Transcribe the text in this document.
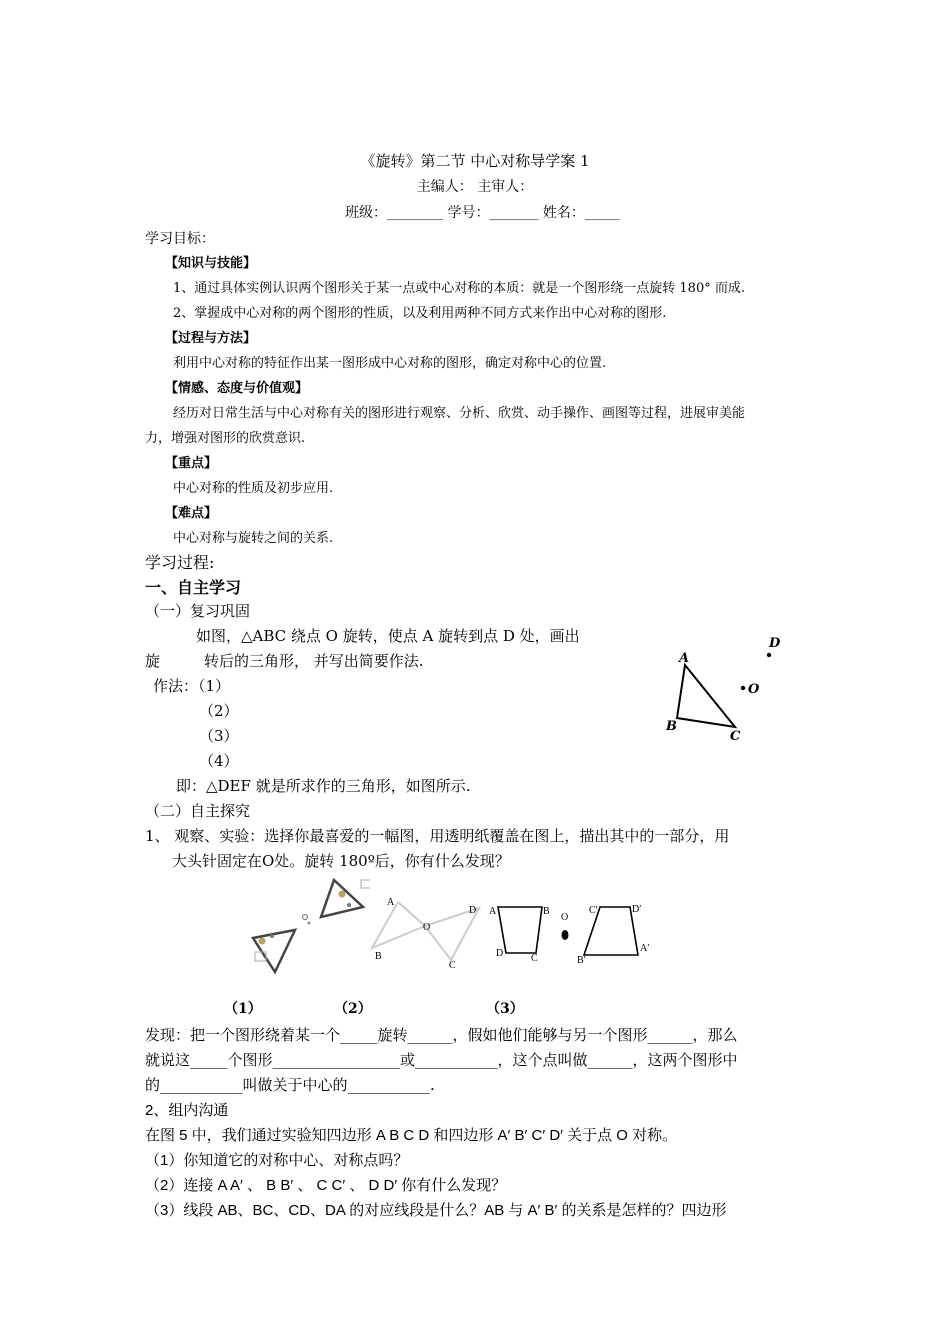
《旋转》第二节 中心对称导学案 1
主编人： 主审人：
班级：________ 学号：_______ 姓名：_____
学习目标：
【知识与技能】
1、通过具体实例认识两个图形关于某一点或中心对称的本质：就是一个图形绕一点旋转 180° 而成.
2、掌握成中心对称的两个图形的性质，以及利用两种不同方式来作出中心对称的图形.
【过程与方法】
利用中心对称的特征作出某一图形成中心对称的图形，确定对称中心的位置.
【情感、态度与价值观】
经历对日常生活与中心对称有关的图形进行观察、分析、欣赏、动手操作、画图等过程，进展审美能
力，增强对图形的欣赏意识.
【重点】
中心对称的性质及初步应用.
【难点】
中心对称与旋转之间的关系.
学习过程:
一、自主学习
（一）复习巩固
如图，△ABC 绕点 O 旋转，使点 A 旋转到点 D 处，画出
旋	转后的三角形， 并写出简要作法.
作法：（1）
（2）
（3）
（4）
即：△DEF 就是所求作的三角形，如图所示.
A
B
C
D
O
（二）自主探究
1、 观察、实验：选择你最喜爱的一幅图，用透明纸覆盖在图上，描出其中的一部分，用
大头针固定在O处。旋转 180º后，你有什么发现？
A
B
O
D
C
A	B
D	C
O
C′	D′
B′
A′
（1）	（2）	（3）
发现：把一个图形绕着某一个_____旋转______，假如他们能够与另一个图形______，那么
就说这_____个图形_________________或___________，这个点叫做______，这两个图形中
的___________叫做关于中心的___________.
2、组内沟通
在图 5 中，我们通过实验知四边形 A B C D 和四边形 A′ B′ C′ D′ 关于点 O 对称。
（1）你知道它的对称中心、对称点吗？
（2）连接 A A′ 、 B B′ 、 C C′ 、 D D′ 你有什么发现？
（3）线段 AB、BC、CD、DA 的对应线段是什么？AB 与 A′ B′ 的关系是怎样的？四边形
